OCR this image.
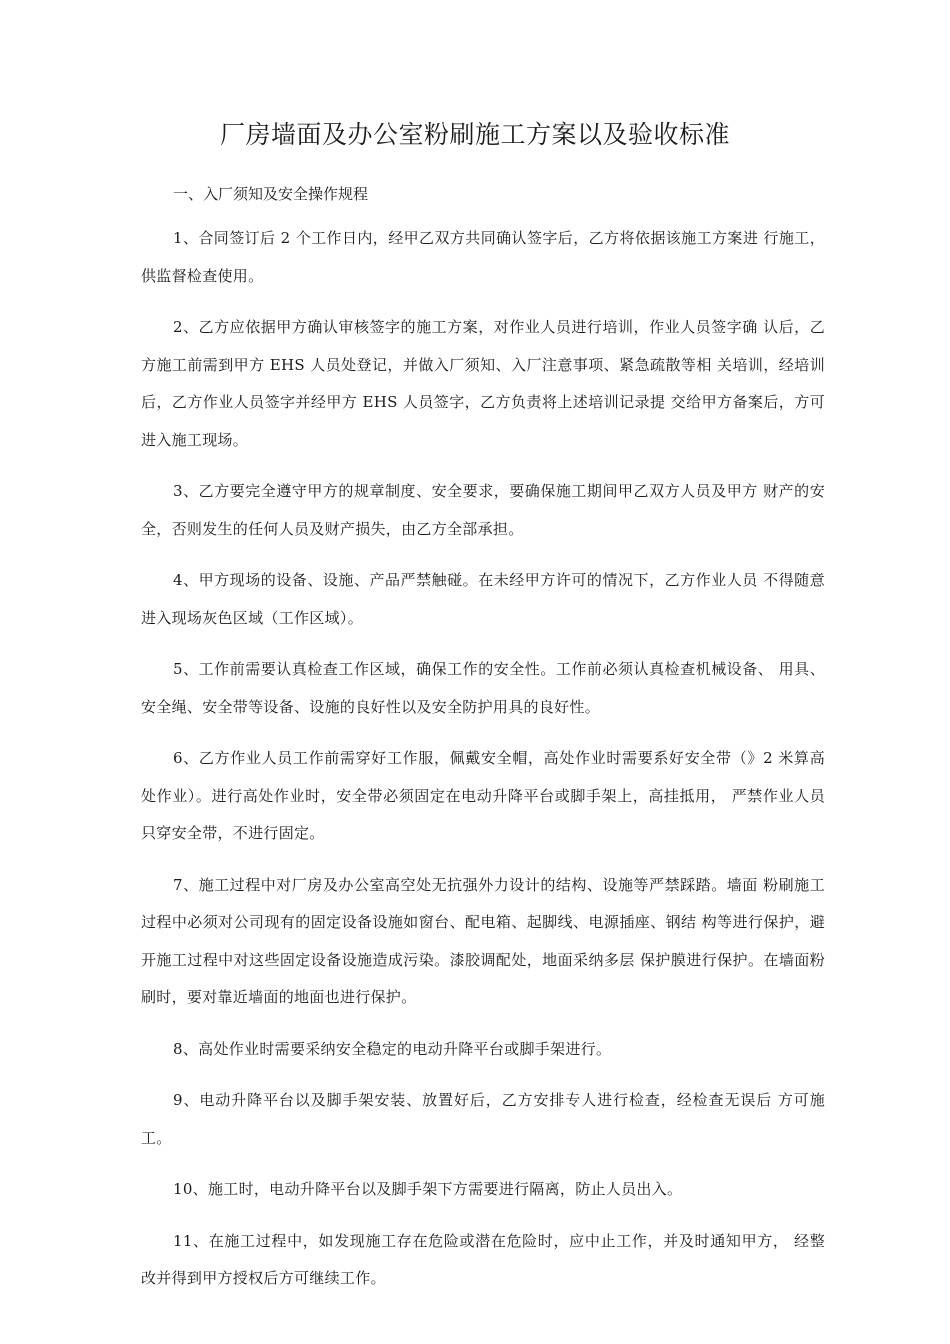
厂房墙面及办公室粉刷施工方案以及验收标准

一、入厂须知及安全操作规程

1、合同签订后 2 个工作日内，经甲乙双方共同确认签字后，乙方将依据该施工方案进 行施工，供监督检查使用。

2、乙方应依据甲方确认审核签字的施工方案，对作业人员进行培训，作业人员签字确 认后，乙方施工前需到甲方 EHS 人员处登记，并做入厂须知、入厂注意事项、紧急疏散等相 关培训，经培训后，乙方作业人员签字并经甲方 EHS 人员签字，乙方负责将上述培训记录提 交给甲方备案后，方可进入施工现场。

3、乙方要完全遵守甲方的规章制度、安全要求，要确保施工期间甲乙双方人员及甲方 财产的安全，否则发生的任何人员及财产损失，由乙方全部承担。

4、甲方现场的设备、设施、产品严禁触碰。在未经甲方许可的情况下，乙方作业人员 不得随意进入现场灰色区域（工作区域）。

5、工作前需要认真检查工作区域，确保工作的安全性。工作前必须认真检查机械设备、 用具、安全绳、安全带等设备、设施的良好性以及安全防护用具的良好性。

6、乙方作业人员工作前需穿好工作服，佩戴安全帽，高处作业时需要系好安全带（》2 米算高处作业）。进行高处作业时，安全带必须固定在电动升降平台或脚手架上，高挂抵用， 严禁作业人员只穿安全带，不进行固定。

7、施工过程中对厂房及办公室高空处无抗强外力设计的结构、设施等严禁踩踏。墙面 粉刷施工过程中必须对公司现有的固定设备设施如窗台、配电箱、起脚线、电源插座、钢结 构等进行保护，避开施工过程中对这些固定设备设施造成污染。漆胶调配处，地面采纳多层 保护膜进行保护。在墙面粉刷时，要对靠近墙面的地面也进行保护。

8、高处作业时需要采纳安全稳定的电动升降平台或脚手架进行。

9、电动升降平台以及脚手架安装、放置好后，乙方安排专人进行检查，经检查无误后 方可施工。

10、施工时，电动升降平台以及脚手架下方需要进行隔离，防止人员出入。

11、在施工过程中，如发现施工存在危险或潜在危险时，应中止工作，并及时通知甲方， 经整改并得到甲方授权后方可继续工作。
